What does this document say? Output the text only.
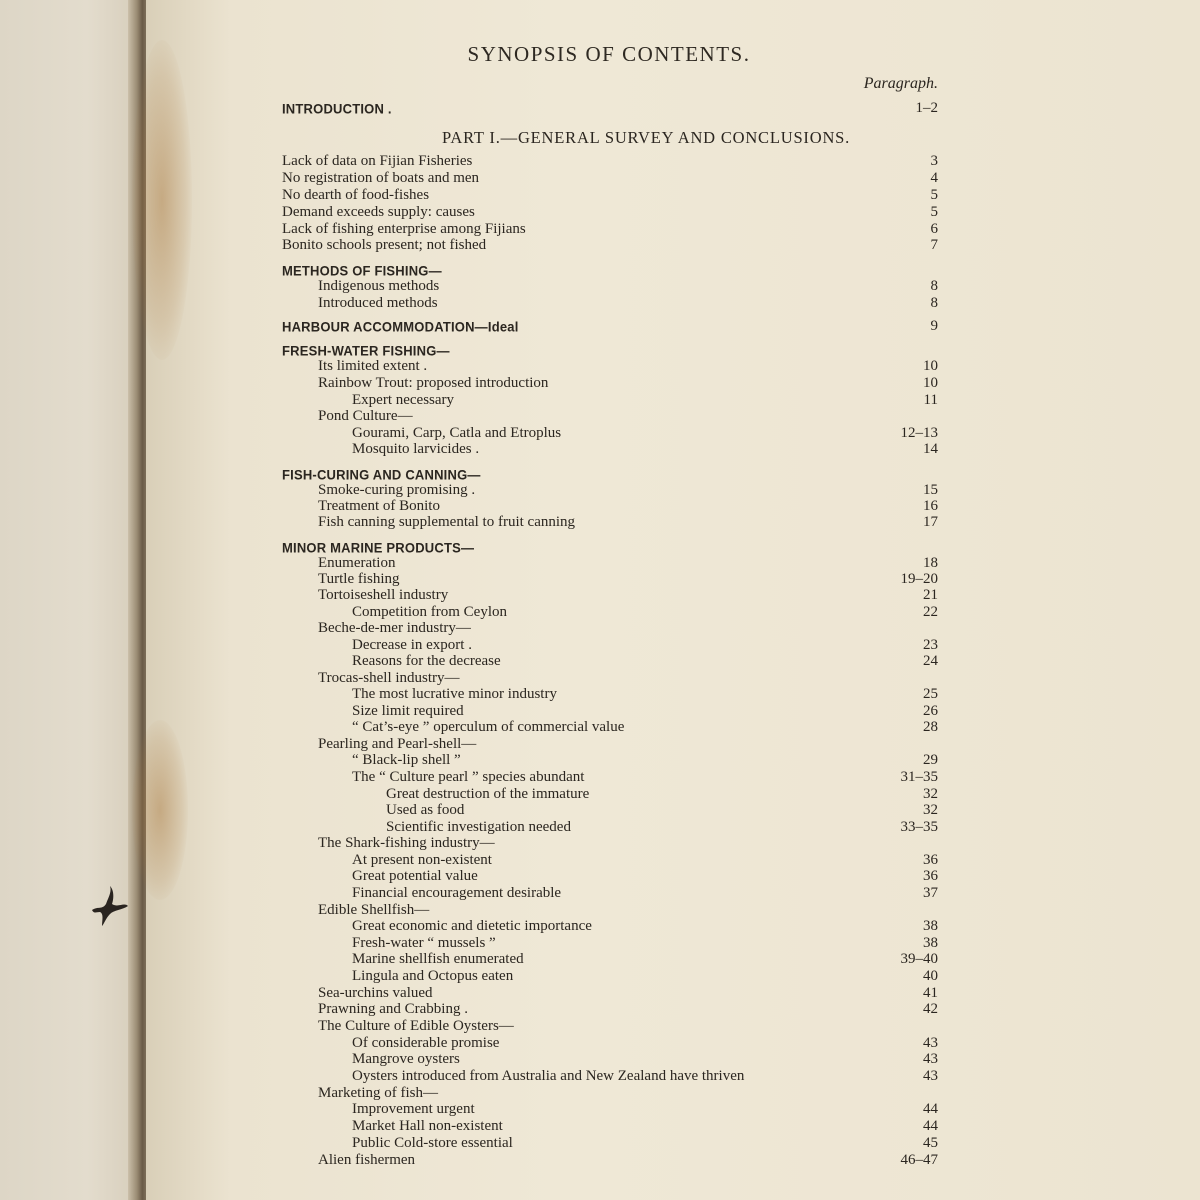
SYNOPSIS OF CONTENTS.
Paragraph.
PART I.—GENERAL SURVEY AND CONCLUSIONS.
INTRODUCTION .	1–2
Lack of data on Fijian Fisheries	3
No registration of boats and men	4
No dearth of food-fishes	5
Demand exceeds supply: causes	5
Lack of fishing enterprise among Fijians	6
Bonito schools present; not fished	7
METHODS OF FISHING—
Indigenous methods	8
Introduced methods	8
HARBOUR ACCOMMODATION—Ideal	9
FRESH-WATER FISHING—
Its limited extent .	10
Rainbow Trout: proposed introduction	10
Expert necessary	11
Pond Culture—
Gourami, Carp, Catla and Etroplus	12–13
Mosquito larvicides .	14
FISH-CURING AND CANNING—
Smoke-curing promising .	15
Treatment of Bonito	16
Fish canning supplemental to fruit canning	17
MINOR MARINE PRODUCTS—
Enumeration	18
Turtle fishing	19–20
Tortoiseshell industry	21
Competition from Ceylon	22
Beche-de-mer industry—
Decrease in export .	23
Reasons for the decrease	24
Trocas-shell industry—
The most lucrative minor industry	25
Size limit required	26
“ Cat’s-eye ” operculum of commercial value	28
Pearling and Pearl-shell—
“ Black-lip shell ”	29
The “ Culture pearl ” species abundant	31–35
Great destruction of the immature	32
Used as food	32
Scientific investigation needed	33–35
The Shark-fishing industry—
At present non-existent	36
Great potential value	36
Financial encouragement desirable	37
Edible Shellfish—
Great economic and dietetic importance	38
Fresh-water “ mussels ”	38
Marine shellfish enumerated	39–40
Lingula and Octopus eaten	40
Sea-urchins valued	41
Prawning and Crabbing .	42
The Culture of Edible Oysters—
Of considerable promise	43
Mangrove oysters	43
Oysters introduced from Australia and New Zealand have thriven	43
Marketing of fish—
Improvement urgent	44
Market Hall non-existent	44
Public Cold-store essential	45
Alien fishermen	46–47
